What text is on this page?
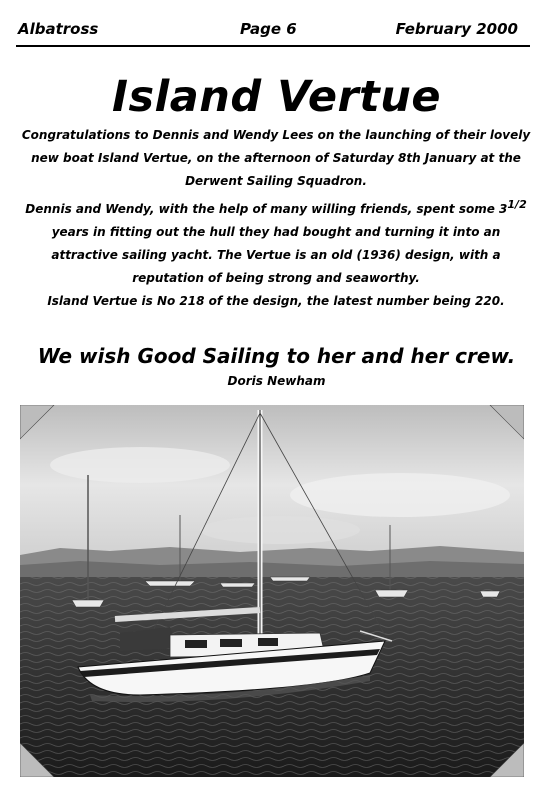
Albatross	Page 6	February 2000
Island Vertue

Congratulations to Dennis and Wendy Lees on the launching of their lovely new boat Island Vertue, on the afternoon of Saturday 8th January at the Derwent Sailing Squadron.

Dennis and Wendy, with the help of many willing friends, spent some $3^{1/2}$ years in fitting out the hull they had bought and turning it into an attractive sailing yacht. The Vertue is an old (1936) design, with a reputation of being strong and seaworthy.

Island Vertue is No 218 of the design, the latest number being 220.

We wish Good Sailing to her and her crew.
Doris Newham
